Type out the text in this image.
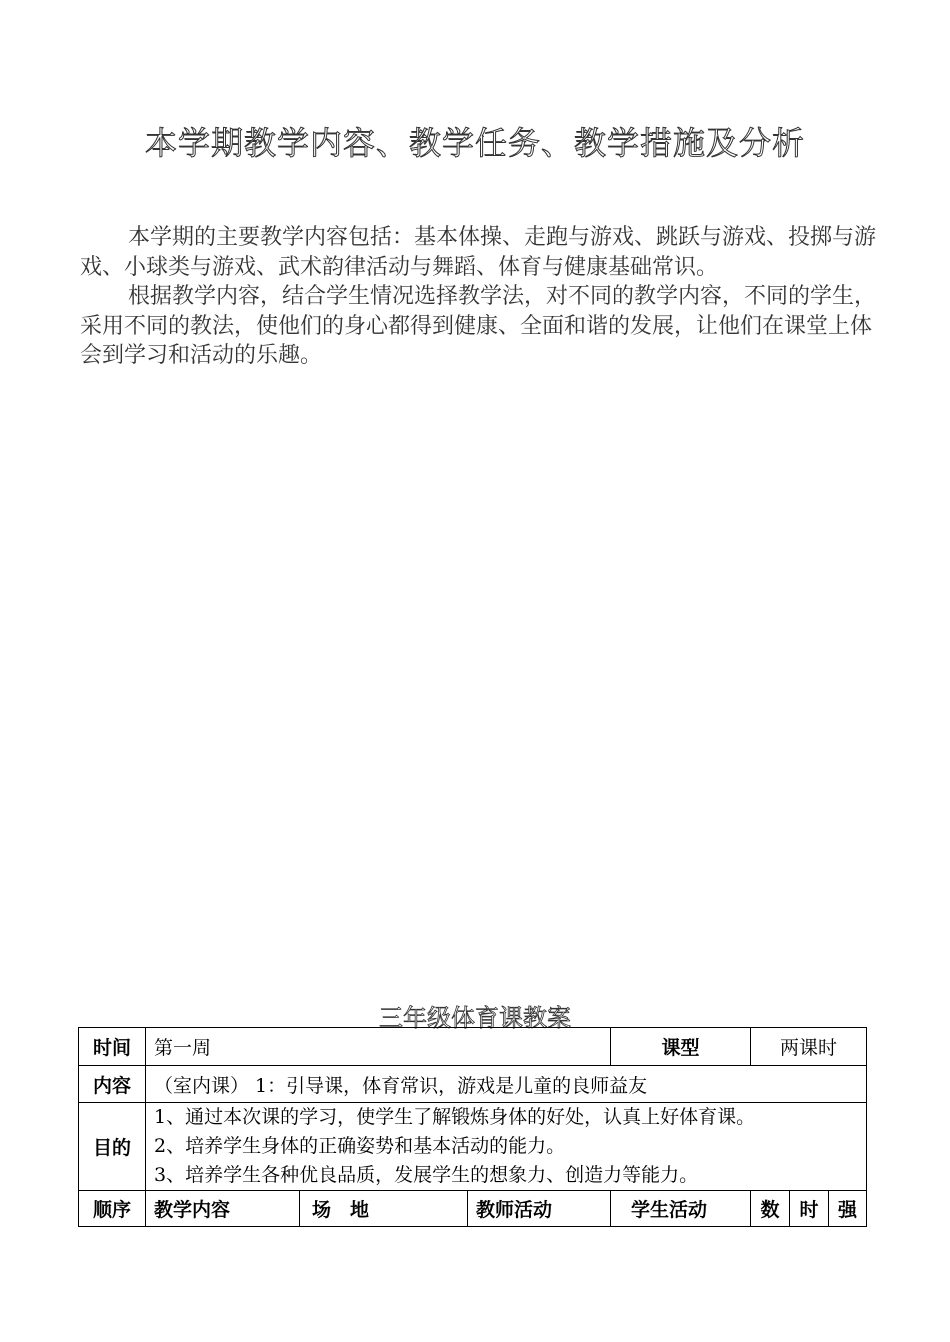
本学期教学内容、教学任务、教学措施及分析

本学期的主要教学内容包括：基本体操、走跑与游戏、跳跃与游戏、投掷与游戏、小球类与游戏、武术韵律活动与舞蹈、体育与健康基础常识。

根据教学内容，结合学生情况选择教学法，对不同的教学内容，不同的学生，采用不同的教法，使他们的身心都得到健康、全面和谐的发展，让他们在课堂上体会到学习和活动的乐趣。

三年级体育课教案
时间	第一周			课型	两课时		
内容	（室内课） 1：引导课，体育常识，游戏是儿童的良师益友						
目的	1、通过本次课的学习，使学生了解锻炼身体的好处，认真上好体育课。
2、培养学生身体的正确姿势和基本活动的能力。
3、培养学生各种优良品质，发展学生的想象力、创造力等能力。						

顺序	教学内容	场　地	教师活动	学生活动	数	时	强
